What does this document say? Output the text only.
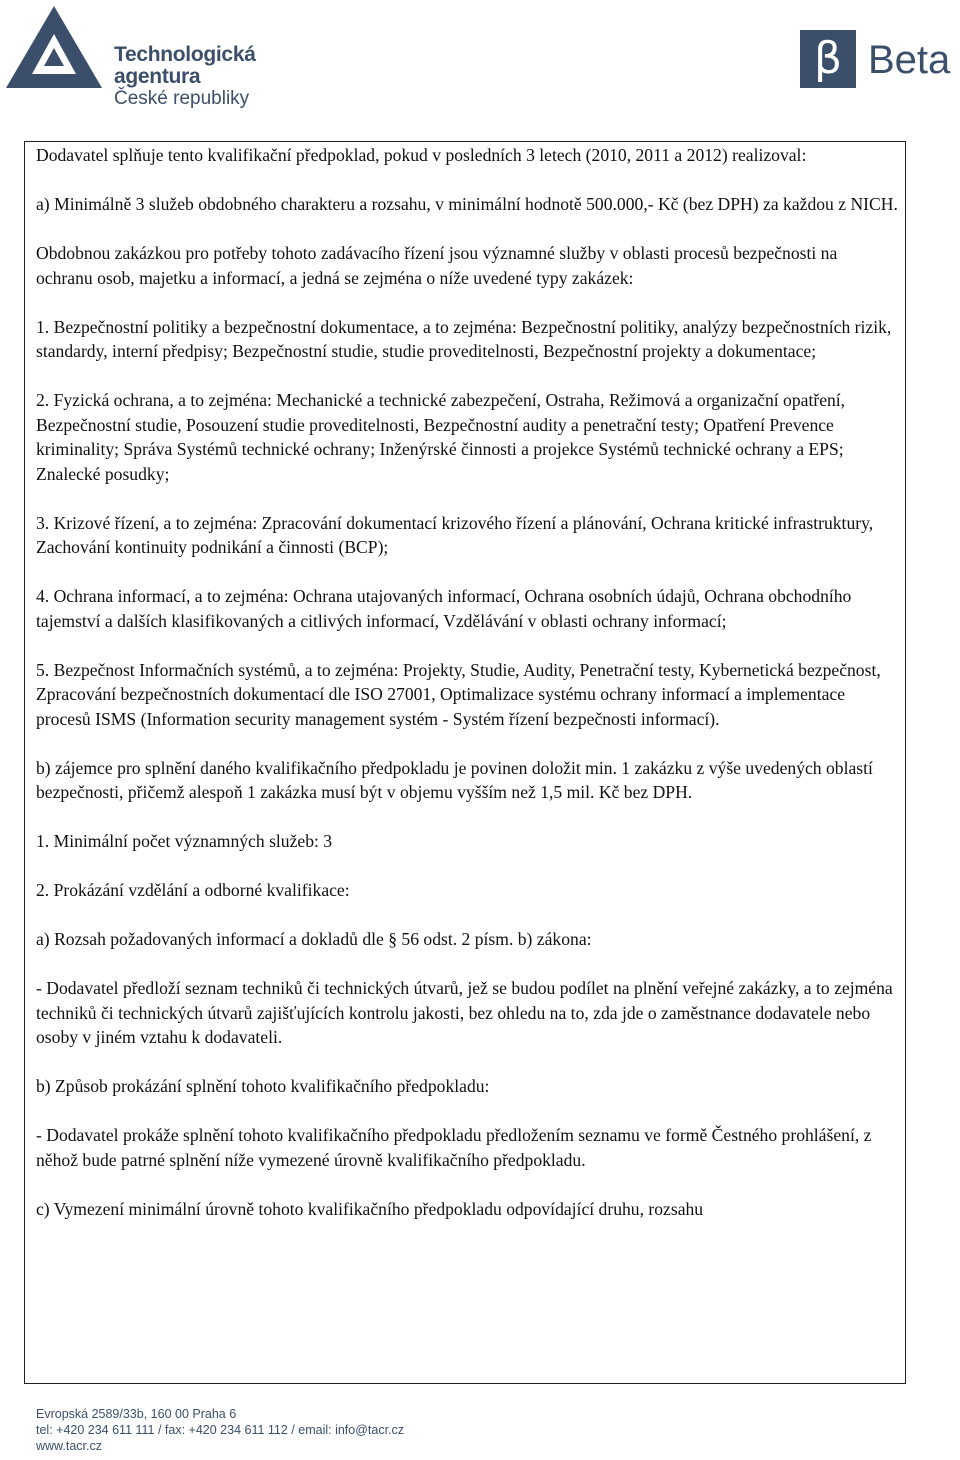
Technologická agentura
České republiky
β Beta

Dodavatel splňuje tento kvalifikační předpoklad, pokud v posledních 3 letech (2010, 2011 a 2012) realizoval:

a) Minimálně 3 služeb obdobného charakteru a rozsahu, v minimální hodnotě 500.000,- Kč (bez DPH) za každou z NICH.

Obdobnou zakázkou pro potřeby tohoto zadávacího řízení jsou významné služby v oblasti procesů bezpečnosti na ochranu osob, majetku a informací, a jedná se zejména o níže uvedené typy zakázek:

1. Bezpečnostní politiky a bezpečnostní dokumentace, a to zejména: Bezpečnostní politiky, analýzy bezpečnostních rizik, standardy, interní předpisy; Bezpečnostní studie, studie proveditelnosti, Bezpečnostní projekty a dokumentace;

2. Fyzická ochrana, a to zejména: Mechanické a technické zabezpečení, Ostraha, Režimová a organizační opatření, Bezpečnostní studie, Posouzení studie proveditelnosti, Bezpečnostní audity a penetrační testy; Opatření Prevence kriminality; Správa Systémů technické ochrany; Inženýrské činnosti a projekce Systémů technické ochrany a EPS; Znalecké posudky;

3. Krizové řízení, a to zejména: Zpracování dokumentací krizového řízení a plánování, Ochrana kritické infrastruktury, Zachování kontinuity podnikání a činnosti (BCP);

4. Ochrana informací, a to zejména: Ochrana utajovaných informací, Ochrana osobních údajů, Ochrana obchodního tajemství a dalších klasifikovaných a citlivých informací, Vzdělávání v oblasti ochrany informací;

5. Bezpečnost Informačních systémů, a to zejména: Projekty, Studie, Audity, Penetrační testy, Kybernetická bezpečnost, Zpracování bezpečnostních dokumentací dle ISO 27001, Optimalizace systému ochrany informací a implementace procesů ISMS (Information security management systém - Systém řízení bezpečnosti informací).

b) zájemce pro splnění daného kvalifikačního předpokladu je povinen doložit min. 1 zakázku z výše uvedených oblastí bezpečnosti, přičemž alespoň 1 zakázka musí být v objemu vyšším než 1,5 mil. Kč bez DPH.

1. Minimální počet významných služeb: 3

2. Prokázání vzdělání a odborné kvalifikace:

a) Rozsah požadovaných informací a dokladů dle § 56 odst. 2 písm. b) zákona:

- Dodavatel předloží seznam techniků či technických útvarů, jež se budou podílet na plnění veřejné zakázky, a to zejména techniků či technických útvarů zajišťujících kontrolu jakosti, bez ohledu na to, zda jde o zaměstnance dodavatele nebo osoby v jiném vztahu k dodavateli.

b) Způsob prokázání splnění tohoto kvalifikačního předpokladu:

- Dodavatel prokáže splnění tohoto kvalifikačního předpokladu předložením seznamu ve formě Čestného prohlášení, z něhož bude patrné splnění níže vymezené úrovně kvalifikačního předpokladu.

c) Vymezení minimální úrovně tohoto kvalifikačního předpokladu odpovídající druhu, rozsahu

Evropská 2589/33b, 160 00 Praha 6
tel: +420 234 611 111 / fax: +420 234 611 112 / email: info@tacr.cz
www.tacr.cz
